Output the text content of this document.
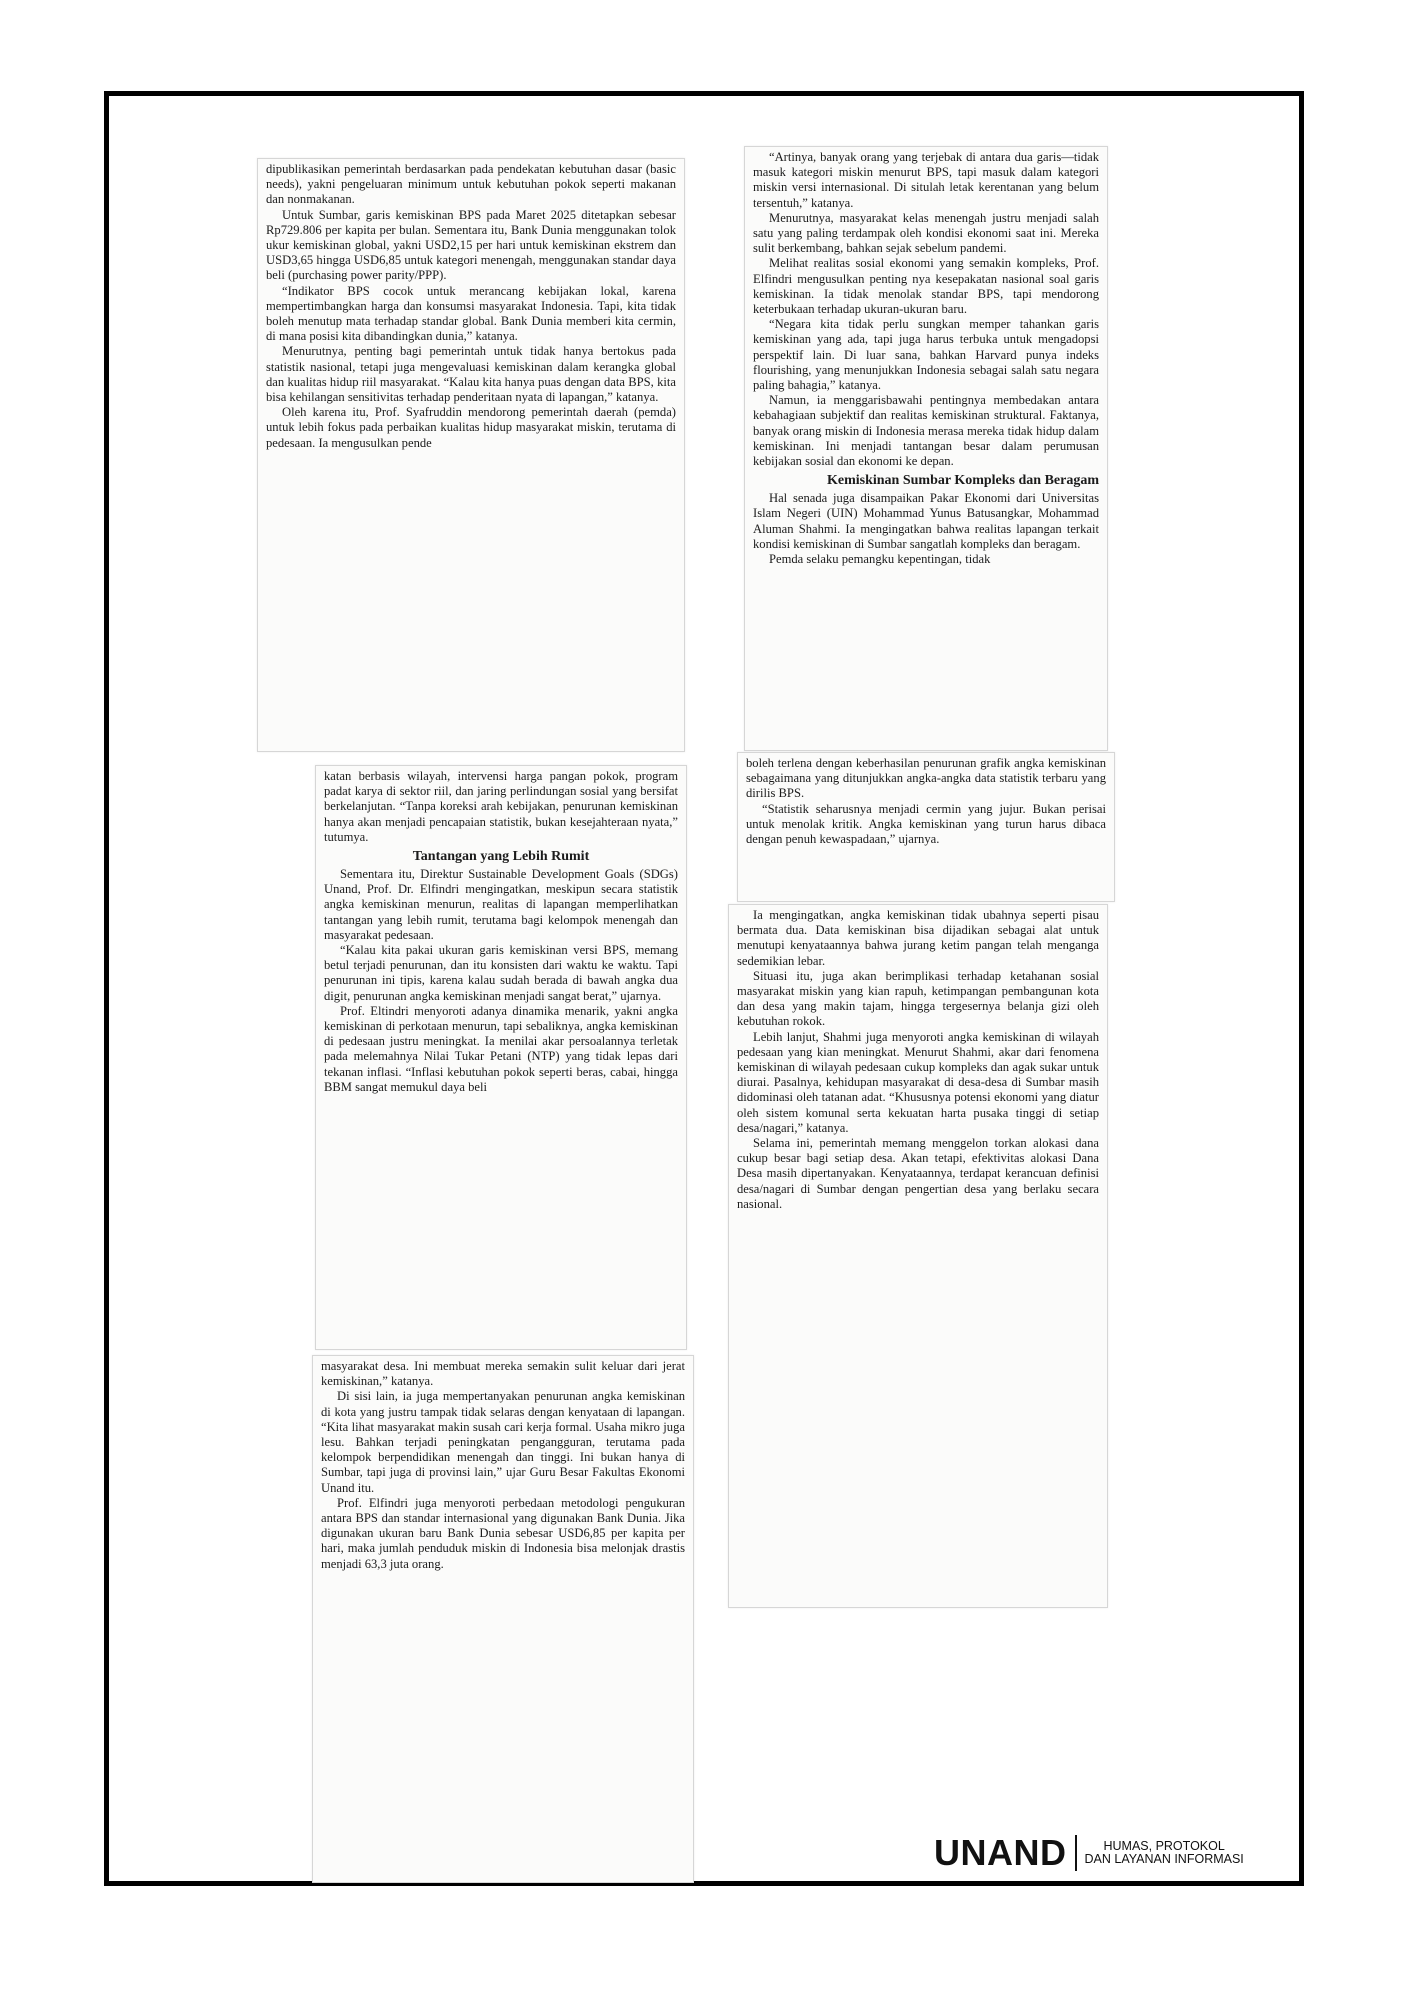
dipublikasikan pemerintah berdasarkan pada pendekatan kebutuhan dasar (basic needs), yakni pengeluaran minimum untuk kebutuhan pokok seperti makanan dan nonmakanan.

Untuk Sumbar, garis kemiskinan BPS pada Maret 2025 ditetapkan sebesar Rp729.806 per kapita per bulan. Sementara itu, Bank Dunia menggunakan tolok ukur kemiskinan global, yakni USD2,15 per hari untuk kemiskinan ekstrem dan USD3,65 hingga USD6,85 untuk kategori menengah, menggunakan standar daya beli (purchasing power parity/PPP).

“Indikator BPS cocok untuk merancang kebijakan lokal, karena mempertimbangkan harga dan konsumsi masyarakat Indonesia. Tapi, kita tidak boleh menutup mata terhadap standar global. Bank Dunia memberi kita cermin, di mana posisi kita dibandingkan dunia,” katanya.

Menurutnya, penting bagi pemerintah untuk tidak hanya bertokus pada statistik nasional, tetapi juga mengevaluasi kemiskinan dalam kerangka global dan kualitas hidup riil masyarakat. “Kalau kita hanya puas dengan data BPS, kita bisa kehilangan sensitivitas terhadap penderitaan nyata di lapangan,” katanya.

Oleh karena itu, Prof. Syafruddin mendorong pemerintah daerah (pemda) untuk lebih fokus pada perbaikan kualitas hidup masyarakat miskin, terutama di pedesaan. Ia mengusulkan pende

katan berbasis wilayah, intervensi harga pangan pokok, program padat karya di sektor riil, dan jaring perlindungan sosial yang bersifat berkelanjutan. “Tanpa koreksi arah kebijakan, penurunan kemiskinan hanya akan menjadi pencapaian statistik, bukan kesejahteraan nyata,” tutumya.

Tantangan yang Lebih Rumit

Sementara itu, Direktur Sustainable Development Goals (SDGs) Unand, Prof. Dr. Elfindri mengingatkan, meskipun secara statistik angka kemiskinan menurun, realitas di lapangan memperlihatkan tantangan yang lebih rumit, terutama bagi kelompok menengah dan masyarakat pedesaan.

“Kalau kita pakai ukuran garis kemiskinan versi BPS, memang betul terjadi penurunan, dan itu konsisten dari waktu ke waktu. Tapi penurunan ini tipis, karena kalau sudah berada di bawah angka dua digit, penurunan angka kemiskinan menjadi sangat berat,” ujarnya.

Prof. Eltindri menyoroti adanya dinamika menarik, yakni angka kemiskinan di perkotaan menurun, tapi sebaliknya, angka kemiskinan di pedesaan justru meningkat. Ia menilai akar persoalannya terletak pada melemahnya Nilai Tukar Petani (NTP) yang tidak lepas dari tekanan inflasi. “Inflasi kebutuhan pokok seperti beras, cabai, hingga BBM sangat memukul daya beli

masyarakat desa. Ini membuat mereka semakin sulit keluar dari jerat kemiskinan,” katanya.

Di sisi lain, ia juga mempertanyakan penurunan angka kemiskinan di kota yang justru tampak tidak selaras dengan kenyataan di lapangan. “Kita lihat masyarakat makin susah cari kerja formal. Usaha mikro juga lesu. Bahkan terjadi peningkatan pengangguran, terutama pada kelompok berpendidikan menengah dan tinggi. Ini bukan hanya di Sumbar, tapi juga di provinsi lain,” ujar Guru Besar Fakultas Ekonomi Unand itu.

Prof. Elfindri juga menyoroti perbedaan metodologi pengukuran antara BPS dan standar internasional yang digunakan Bank Dunia. Jika digunakan ukuran baru Bank Dunia sebesar USD6,85 per kapita per hari, maka jumlah penduduk miskin di Indonesia bisa melonjak drastis menjadi 63,3 juta orang.

“Artinya, banyak orang yang terjebak di antara dua garis—tidak masuk kategori miskin menurut BPS, tapi masuk dalam kategori miskin versi internasional. Di situlah letak kerentanan yang belum tersentuh,” katanya.

Menurutnya, masyarakat kelas menengah justru menjadi salah satu yang paling terdampak oleh kondisi ekonomi saat ini. Mereka sulit berkembang, bahkan sejak sebelum pandemi.

Melihat realitas sosial ekonomi yang semakin kompleks, Prof. Elfindri mengusulkan penting nya kesepakatan nasional soal garis kemiskinan. Ia tidak menolak standar BPS, tapi mendorong keterbukaan terhadap ukuran-ukuran baru.

“Negara kita tidak perlu sungkan memper tahankan garis kemiskinan yang ada, tapi juga harus terbuka untuk mengadopsi perspektif lain. Di luar sana, bahkan Harvard punya indeks flourishing, yang menunjukkan Indonesia sebagai salah satu negara paling bahagia,” katanya.

Namun, ia menggarisbawahi pentingnya membedakan antara kebahagiaan subjektif dan realitas kemiskinan struktural. Faktanya, banyak orang miskin di Indonesia merasa mereka tidak hidup dalam kemiskinan. Ini menjadi tantangan besar dalam perumusan kebijakan sosial dan ekonomi ke depan.

Kemiskinan Sumbar Kompleks dan Beragam

Hal senada juga disampaikan Pakar Ekonomi dari Universitas Islam Negeri (UIN) Mohammad Yunus Batusangkar, Mohammad Aluman Shahmi. Ia mengingatkan bahwa realitas lapangan terkait kondisi kemiskinan di Sumbar sangatlah kompleks dan beragam.

Pemda selaku pemangku kepentingan, tidak

boleh terlena dengan keberhasilan penurunan grafik angka kemiskinan sebagaimana yang ditunjukkan angka-angka data statistik terbaru yang dirilis BPS.

“Statistik seharusnya menjadi cermin yang jujur. Bukan perisai untuk menolak kritik. Angka kemiskinan yang turun harus dibaca dengan penuh kewaspadaan,” ujarnya.

Ia mengingatkan, angka kemiskinan tidak ubahnya seperti pisau bermata dua. Data kemiskinan bisa dijadikan sebagai alat untuk menutupi kenyataannya bahwa jurang ketim pangan telah menganga sedemikian lebar.

Situasi itu, juga akan berimplikasi terhadap ketahanan sosial masyarakat miskin yang kian rapuh, ketimpangan pembangunan kota dan desa yang makin tajam, hingga tergesernya belanja gizi oleh kebutuhan rokok.

Lebih lanjut, Shahmi juga menyoroti angka kemiskinan di wilayah pedesaan yang kian meningkat. Menurut Shahmi, akar dari fenomena kemiskinan di wilayah pedesaan cukup kompleks dan agak sukar untuk diurai. Pasalnya, kehidupan masyarakat di desa-desa di Sumbar masih didominasi oleh tatanan adat. “Khususnya potensi ekonomi yang diatur oleh sistem komunal serta kekuatan harta pusaka tinggi di setiap desa/nagari,” katanya.

Selama ini, pemerintah memang menggelon torkan alokasi dana cukup besar bagi setiap desa. Akan tetapi, efektivitas alokasi Dana Desa masih dipertanyakan. Kenyataannya, terdapat kerancuan definisi desa/nagari di Sumbar dengan pengertian desa yang berlaku secara nasional.

UNAND	HUMAS, PROTOKOL
DAN LAYANAN INFORMASI
